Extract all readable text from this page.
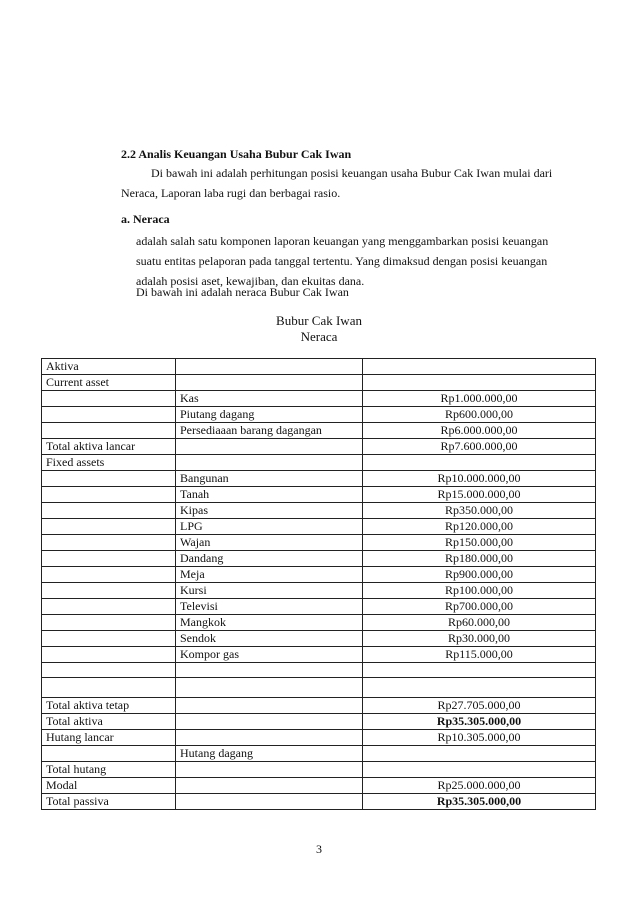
2.2 Analis Keuangan Usaha Bubur Cak Iwan
Di bawah ini adalah perhitungan posisi keuangan usaha Bubur Cak Iwan mulai dari Neraca, Laporan laba rugi dan berbagai rasio.
a. Neraca
adalah salah satu komponen laporan keuangan yang menggambarkan posisi keuangan suatu entitas pelaporan pada tanggal tertentu. Yang dimaksud dengan posisi keuangan adalah posisi aset, kewajiban, dan ekuitas dana.
Di bawah ini adalah neraca Bubur Cak Iwan
Bubur Cak Iwan
Neraca
Aktiva		
Current asset		
	Kas	Rp1.000.000,00
	Piutang dagang	Rp600.000,00
	Persediaaan barang dagangan	Rp6.000.000,00
Total aktiva lancar		Rp7.600.000,00
Fixed assets		
	Bangunan	Rp10.000.000,00
	Tanah	Rp15.000.000,00
	Kipas	Rp350.000,00
	LPG	Rp120.000,00
	Wajan	Rp150.000,00
	Dandang	Rp180.000,00
	Meja	Rp900.000,00
	Kursi	Rp100.000,00
	Televisi	Rp700.000,00
	Mangkok	Rp60.000,00
	Sendok	Rp30.000,00
	Kompor gas	Rp115.000,00

Total aktiva tetap		Rp27.705.000,00
Total aktiva		Rp35.305.000,00
Hutang lancar		Rp10.305.000,00
	Hutang dagang	
Total hutang		
Modal		Rp25.000.000,00
Total passiva		Rp35.305.000,00
3
